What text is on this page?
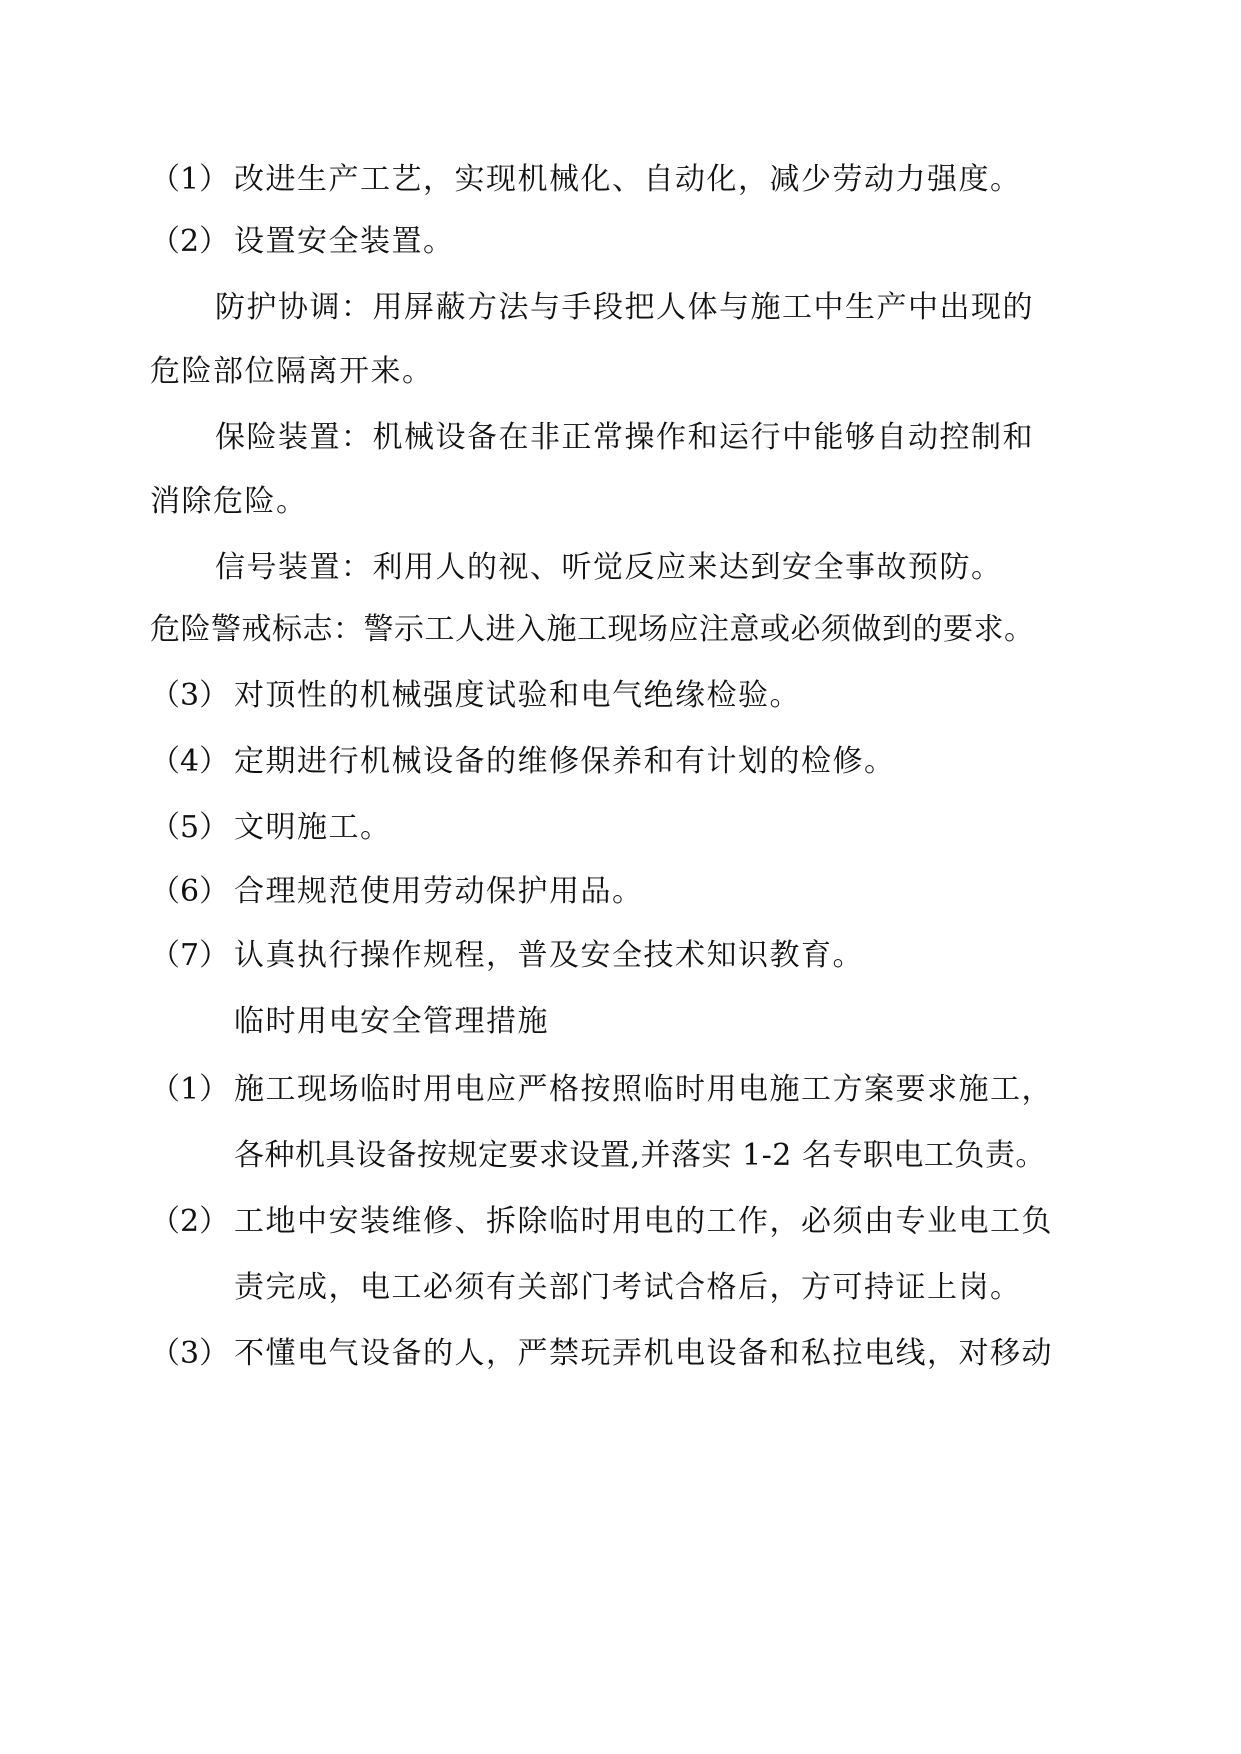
（1） 改进生产工艺，实现机械化、自动化，减少劳动力强度。
（2） 设置安全装置。
防护协调：用屏蔽方法与手段把人体与施工中生产中出现的
危险部位隔离开来。
保险装置：机械设备在非正常操作和运行中能够自动控制和
消除危险。
信号装置：利用人的视、听觉反应来达到安全事故预防。
危险警戒标志：警示工人进入施工现场应注意或必须做到的要求。
（3） 对顶性的机械强度试验和电气绝缘检验。
（4） 定期进行机械设备的维修保养和有计划的检修。
（5） 文明施工。
（6） 合理规范使用劳动保护用品。
（7） 认真执行操作规程，普及安全技术知识教育。
临时用电安全管理措施
（1） 施工现场临时用电应严格按照临时用电施工方案要求施工，
各种机具设备按规定要求设置,并落实 1-2 名专职电工负责。
（2） 工地中安装维修、拆除临时用电的工作，必须由专业电工负
责完成，电工必须有关部门考试合格后，方可持证上岗。
（3） 不懂电气设备的人，严禁玩弄机电设备和私拉电线，对移动
